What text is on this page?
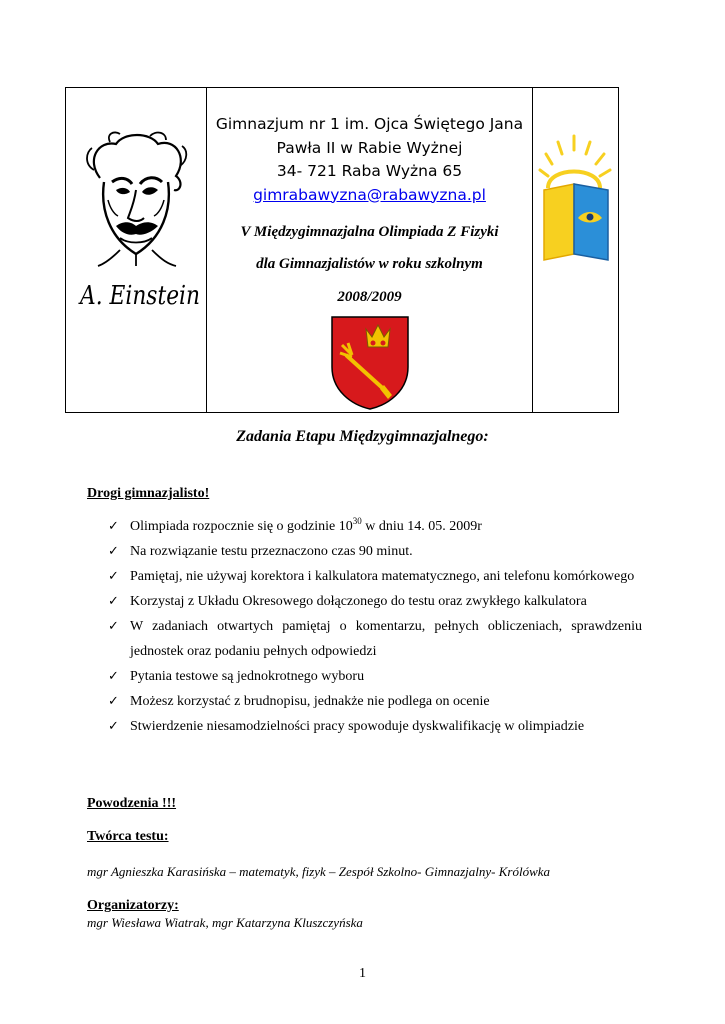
A. Einstein
Gimnazjum nr 1 im. Ojca Świętego Jana
Pawła II w Rabie Wyżnej
34- 721 Raba Wyżna 65
gimrabawyzna@rabawyzna.pl
V Międzygimnazjalna Olimpiada Z Fizyki
dla Gimnazjalistów w roku szkolnym
2008/2009
Zadania Etapu Międzygimnazjalnego:
Drogi gimnazjalisto!
✓ Olimpiada rozpocznie się o godzinie $10^{30}$ w dniu 14. 05. 2009r
✓ Na rozwiązanie testu przeznaczono czas 90 minut.
✓ Pamiętaj, nie używaj korektora i kalkulatora matematycznego, ani telefonu komórkowego
✓ Korzystaj z Układu Okresowego dołączonego do testu oraz zwykłego kalkulatora
✓ W zadaniach otwartych pamiętaj o komentarzu, pełnych obliczeniach, sprawdzeniu jednostek oraz podaniu pełnych odpowiedzi
✓ Pytania testowe są jednokrotnego wyboru
✓ Możesz korzystać z brudnopisu, jednakże nie podlega on ocenie
✓ Stwierdzenie niesamodzielności pracy spowoduje dyskwalifikację w olimpiadzie
Powodzenia !!!
Twórca testu:
mgr Agnieszka Karasińska – matematyk, fizyk – Zespół Szkolno- Gimnazjalny- Królówka
Organizatorzy:
mgr Wiesława Wiatrak, mgr Katarzyna Kluszczyńska
1
